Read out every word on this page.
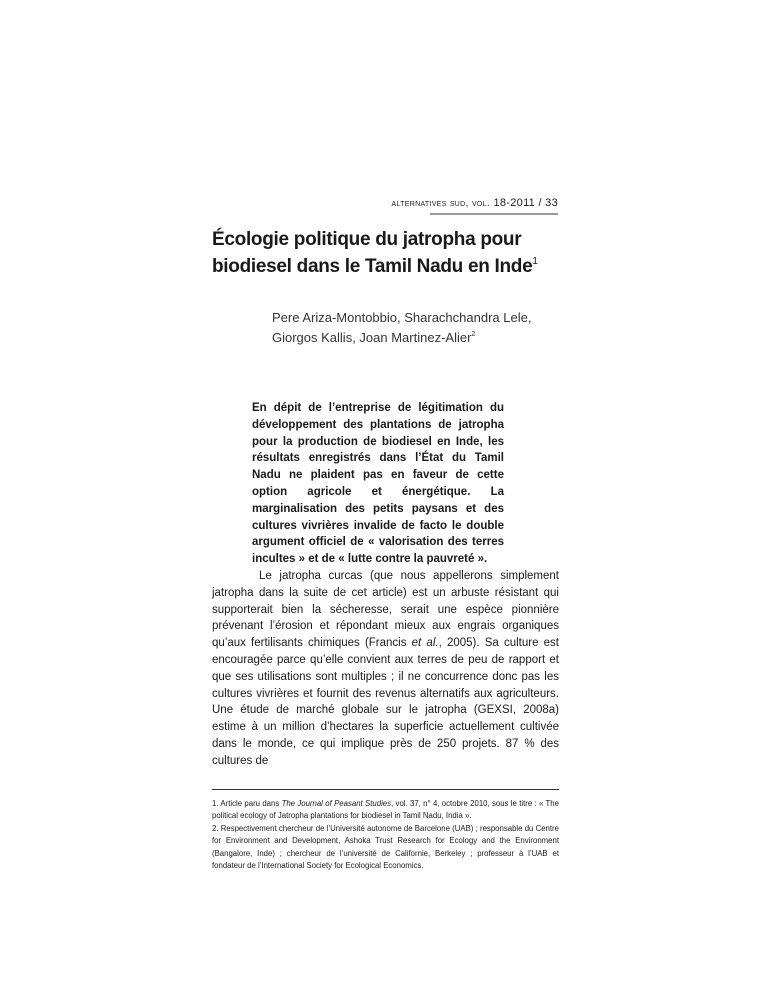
alternatives sud, vol. 18-2011 / 33
Écologie politique du jatropha pour biodiesel dans le Tamil Nadu en Inde$^1$
Pere Ariza-Montobbio, Sharachchandra Lele,
Giorgos Kallis, Joan Martinez-Alier$^2$

En dépit de l’entreprise de légitimation du développement des plantations de jatropha pour la production de biodiesel en Inde, les résultats enregistrés dans l’État du Tamil Nadu ne plaident pas en faveur de cette option agricole et énergétique. La marginalisation des petits paysans et des cultures vivrières invalide de facto le double argument officiel de « valorisation des terres incultes » et de « lutte contre la pauvreté ».

Le jatropha curcas (que nous appellerons simplement jatropha dans la suite de cet article) est un arbuste résistant qui supporterait bien la sécheresse, serait une espèce pionnière prévenant l’érosion et répondant mieux aux engrais organiques qu’aux fertilisants chimiques (Francis et al., 2005). Sa culture est encouragée parce qu’elle convient aux terres de peu de rapport et que ses utilisations sont multiples ; il ne concurrence donc pas les cultures vivrières et fournit des revenus alternatifs aux agriculteurs. Une étude de marché globale sur le jatropha (GEXSI, 2008a) estime à un million d’hectares la superficie actuellement cultivée dans le monde, ce qui implique près de 250 projets. 87 % des cultures de

1. Article paru dans The Journal of Peasant Studies, vol. 37, n° 4, octobre 2010, sous le titre : « The political ecology of Jatropha plantations for biodiesel in Tamil Nadu, India ».

2. Respectivement chercheur de l’Université autonome de Barcelone (UAB) ; responsable du Centre for Environment and Development, Ashoka Trust Research for Ecology and the Environment (Bangalore, Inde) ; chercheur de l’université de Californie, Berkeley ; professeur à l’UAB et fondateur de l’International Society for Ecological Economics.
